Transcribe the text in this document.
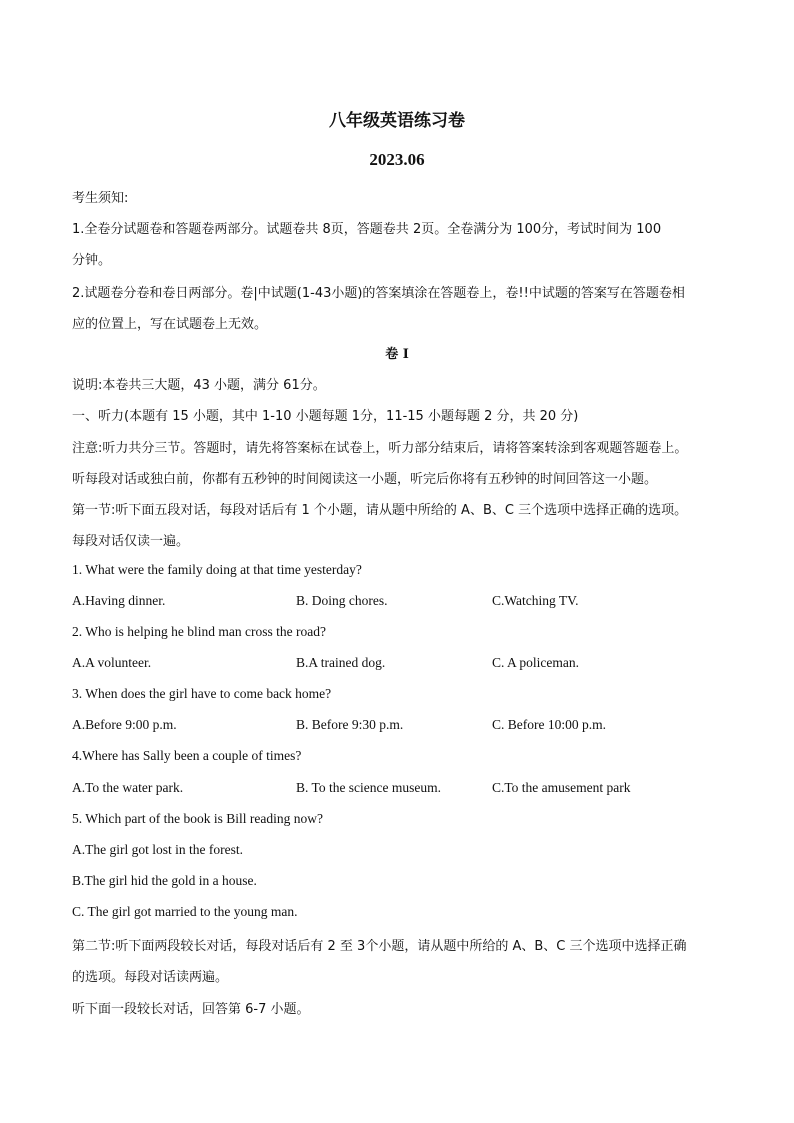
八年级英语练习卷
2023.06
考生须知:
1.全卷分试题卷和答题卷两部分。试题卷共 8页，答题卷共 2页。全卷满分为 100分，考试时间为 100
分钟。
2.试题卷分卷和卷日两部分。卷|中试题(1-43小题)的答案填涂在答题卷上，卷!!中试题的答案写在答题卷相
应的位置上，写在试题卷上无效。
卷 I
说明:本卷共三大题，43 小题，满分 61分。
一、听力(本题有 15 小题，其中 1-10 小题每题 1分，11-15 小题每题 2 分，共 20 分)
注意:听力共分三节。答题时，请先将答案标在试卷上，听力部分结束后，请将答案转涂到客观题答题卷上。
听每段对话或独白前，你都有五秒钟的时间阅读这一小题，听完后你将有五秒钟的时间回答这一小题。
第一节:听下面五段对话，每段对话后有 1 个小题，请从题中所给的 A、B、C 三个选项中选择正确的选项。
每段对话仅读一遍。
1. What were the family doing at that time yesterday?
A.Having dinner.	B. Doing chores.	C.Watching TV.
2. Who is helping he blind man cross the road?
A.A volunteer.	B.A trained dog.	C. A policeman.
3. When does the girl have to come back home?
A.Before 9:00 p.m.	B. Before 9:30 p.m.	C. Before 10:00 p.m.
4.Where has Sally been a couple of times?
A.To the water park.	B. To the science museum.	C.To the amusement park
5. Which part of the book is Bill reading now?
A.The girl got lost in the forest.
B.The girl hid the gold in a house.
C. The girl got married to the young man.
第二节:听下面两段较长对话，每段对话后有 2 至 3个小题，请从题中所给的 A、B、C 三个选项中选择正确
的选项。每段对话读两遍。
听下面一段较长对话，回答第 6-7 小题。
